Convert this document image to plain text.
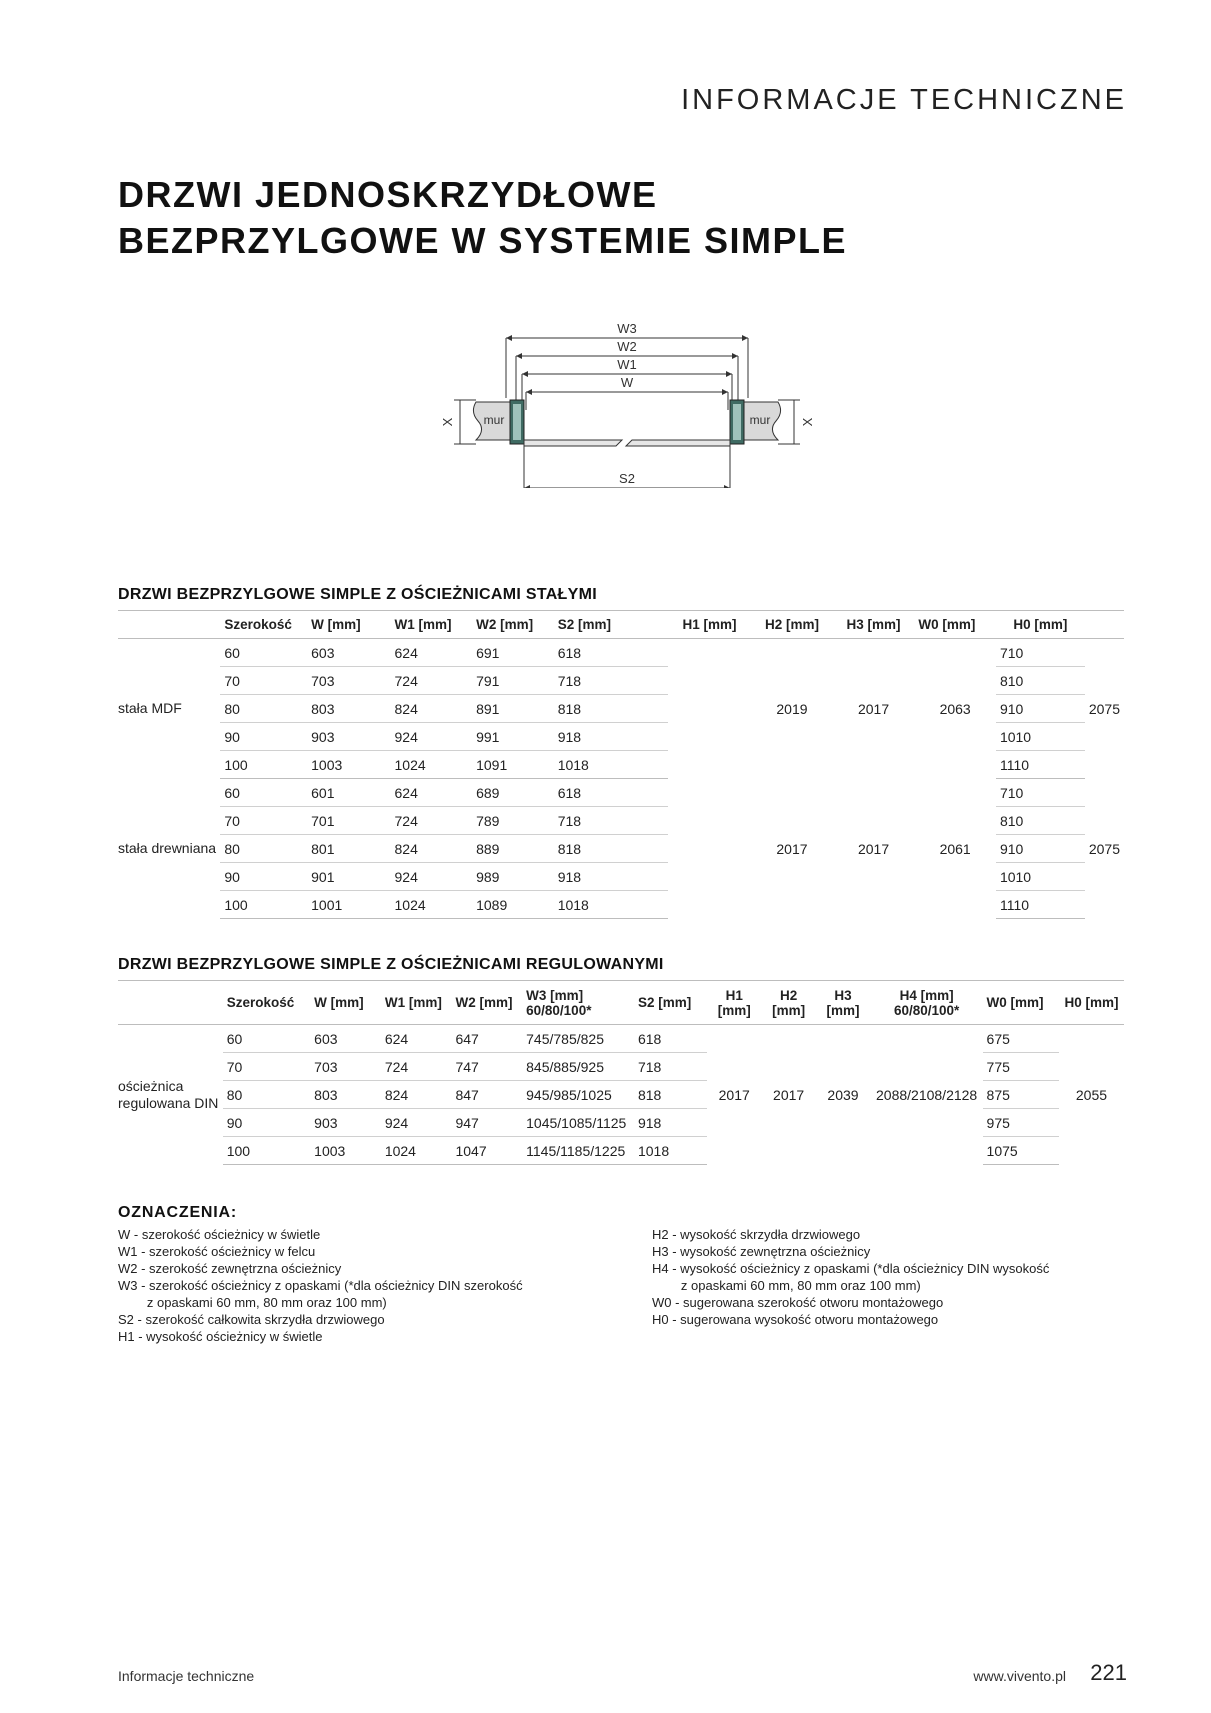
INFORMACJE TECHNICZNE
DRZWI JEDNOSKRZYDŁOWE
BEZPRZYLGOWE W SYSTEMIE SIMPLE
W3
W2
W1
W
S2
mur	mur
X	X
DRZWI BEZPRZYLGOWE SIMPLE Z OŚCIEŻNICAMI STAŁYMI
	Szerokość	W [mm]	W1 [mm]	W2 [mm]	S2 [mm]	H1 [mm]	H2 [mm]	H3 [mm]	W0 [mm]	H0 [mm]	
stała MDF	60	603	624	691	618		2019	2017	2063	710	2075
	70	703	724	791	718					810	
	80	803	824	891	818					910	
	90	903	924	991	918					1010	
	100	1003	1024	1091	1018					1110	
stała drewniana	60	601	624	689	618		2017	2017	2061	710	2075
	70	701	724	789	718					810	
	80	801	824	889	818					910	
	90	901	924	989	918					1010	
	100	1001	1024	1089	1018					1110	
DRZWI BEZPRZYLGOWE SIMPLE Z OŚCIEŻNICAMI REGULOWANYMI
	Szerokość	W [mm]	W1 [mm]	W2 [mm]	W3 [mm] 60/80/100*	S2 [mm]	H1 [mm]	H2 [mm]	H3 [mm]	H4 [mm] 60/80/100*	W0 [mm]	H0 [mm]
ościeżnica regulowana DIN	60	603	624	647	745/785/825	618	2017	2017	2039	2088/2108/2128	675	2055
	70	703	724	747	845/885/925	718					775	
	80	803	824	847	945/985/1025	818					875	
	90	903	924	947	1045/1085/1125	918					975	
	100	1003	1024	1047	1145/1185/1225	1018					1075	
OZNACZENIA:
W - szerokość ościeżnicy w świetle
W1 - szerokość ościeżnicy w felcu
W2 - szerokość zewnętrzna ościeżnicy
W3 - szerokość ościeżnicy z opaskami (*dla ościeżnicy DIN szerokość
z opaskami 60 mm, 80 mm oraz 100 mm)
S2 - szerokość całkowita skrzydła drzwiowego
H1 - wysokość ościeżnicy w świetle
H2 - wysokość skrzydła drzwiowego
H3 - wysokość zewnętrzna ościeżnicy
H4 - wysokość ościeżnicy z opaskami (*dla ościeżnicy DIN wysokość
z opaskami 60 mm, 80 mm oraz 100 mm)
W0 - sugerowana szerokość otworu montażowego
H0 - sugerowana wysokość otworu montażowego
Informacje techniczne	www.vivento.pl 221
